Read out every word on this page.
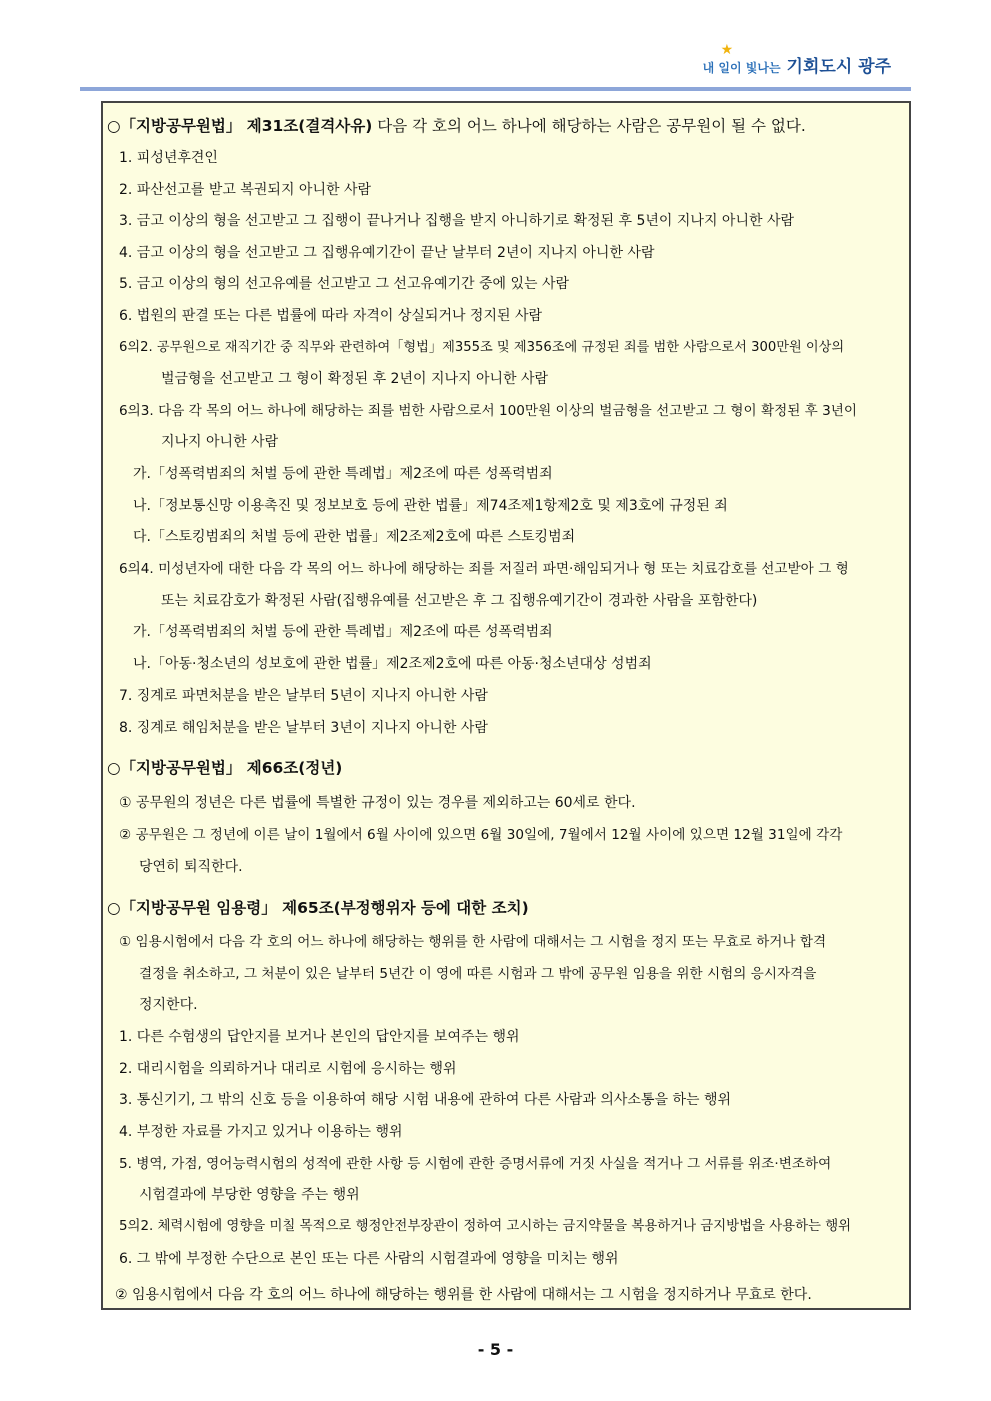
★
내 일이 빛나는 기회도시 광주
○「지방공무원법」 제31조(결격사유) 다음 각 호의 어느 하나에 해당하는 사람은 공무원이 될 수 없다.
1. 피성년후견인
2. 파산선고를 받고 복권되지 아니한 사람
3. 금고 이상의 형을 선고받고 그 집행이 끝나거나 집행을 받지 아니하기로 확정된 후 5년이 지나지 아니한 사람
4. 금고 이상의 형을 선고받고 그 집행유예기간이 끝난 날부터 2년이 지나지 아니한 사람
5. 금고 이상의 형의 선고유예를 선고받고 그 선고유예기간 중에 있는 사람
6. 법원의 판결 또는 다른 법률에 따라 자격이 상실되거나 정지된 사람
6의2. 공무원으로 재직기간 중 직무와 관련하여「형법」제355조 및 제356조에 규정된 죄를 범한 사람으로서 300만원 이상의
벌금형을 선고받고 그 형이 확정된 후 2년이 지나지 아니한 사람
6의3. 다음 각 목의 어느 하나에 해당하는 죄를 범한 사람으로서 100만원 이상의 벌금형을 선고받고 그 형이 확정된 후 3년이
지나지 아니한 사람
가.「성폭력범죄의 처벌 등에 관한 특례법」제2조에 따른 성폭력범죄
나.「정보통신망 이용촉진 및 정보보호 등에 관한 법률」제74조제1항제2호 및 제3호에 규정된 죄
다.「스토킹범죄의 처벌 등에 관한 법률」제2조제2호에 따른 스토킹범죄
6의4. 미성년자에 대한 다음 각 목의 어느 하나에 해당하는 죄를 저질러 파면·해임되거나 형 또는 치료감호를 선고받아 그 형
또는 치료감호가 확정된 사람(집행유예를 선고받은 후 그 집행유예기간이 경과한 사람을 포함한다)
가.「성폭력범죄의 처벌 등에 관한 특례법」제2조에 따른 성폭력범죄
나.「아동·청소년의 성보호에 관한 법률」제2조제2호에 따른 아동·청소년대상 성범죄
7. 징계로 파면처분을 받은 날부터 5년이 지나지 아니한 사람
8. 징계로 해임처분을 받은 날부터 3년이 지나지 아니한 사람
○「지방공무원법」 제66조(정년)
① 공무원의 정년은 다른 법률에 특별한 규정이 있는 경우를 제외하고는 60세로 한다.
② 공무원은 그 정년에 이른 날이 1월에서 6월 사이에 있으면 6월 30일에, 7월에서 12월 사이에 있으면 12월 31일에 각각
당연히 퇴직한다.
○「지방공무원 임용령」 제65조(부정행위자 등에 대한 조치)
① 임용시험에서 다음 각 호의 어느 하나에 해당하는 행위를 한 사람에 대해서는 그 시험을 정지 또는 무효로 하거나 합격
결정을 취소하고, 그 처분이 있은 날부터 5년간 이 영에 따른 시험과 그 밖에 공무원 임용을 위한 시험의 응시자격을
정지한다.
1. 다른 수험생의 답안지를 보거나 본인의 답안지를 보여주는 행위
2. 대리시험을 의뢰하거나 대리로 시험에 응시하는 행위
3. 통신기기, 그 밖의 신호 등을 이용하여 해당 시험 내용에 관하여 다른 사람과 의사소통을 하는 행위
4. 부정한 자료를 가지고 있거나 이용하는 행위
5. 병역, 가점, 영어능력시험의 성적에 관한 사항 등 시험에 관한 증명서류에 거짓 사실을 적거나 그 서류를 위조·변조하여
시험결과에 부당한 영향을 주는 행위
5의2. 체력시험에 영향을 미칠 목적으로 행정안전부장관이 정하여 고시하는 금지약물을 복용하거나 금지방법을 사용하는 행위
6. 그 밖에 부정한 수단으로 본인 또는 다른 사람의 시험결과에 영향을 미치는 행위
② 임용시험에서 다음 각 호의 어느 하나에 해당하는 행위를 한 사람에 대해서는 그 시험을 정지하거나 무효로 한다.
- 5 -
